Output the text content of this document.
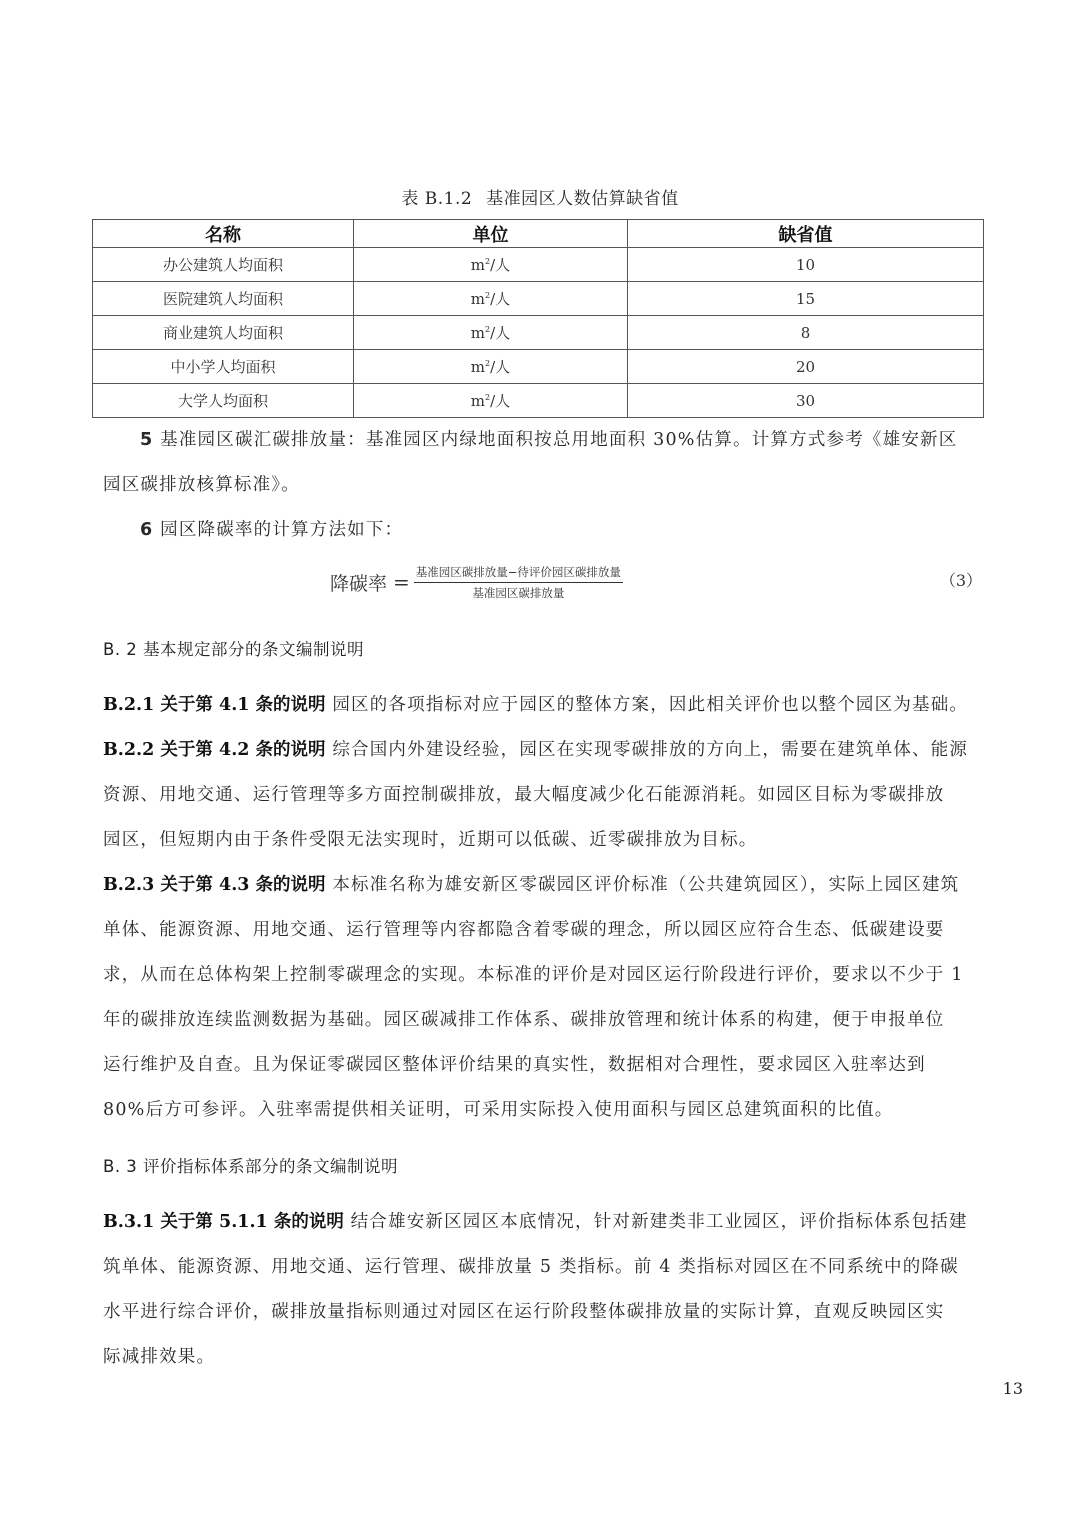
表 B.1.2 基准园区人数估算缺省值
名称	单位	缺省值
办公建筑人均面积	$m^2/$人	10
医院建筑人均面积	$m^2/$人	15
商业建筑人均面积	$m^2/$人	8
中小学人均面积	$m^2/$人	20
大学人均面积	$m^2/$人	30
5 基准园区碳汇碳排放量：基准园区内绿地面积按总用地面积 30%估算。计算方式参考《雄安新区
园区碳排放核算标准》。
6 园区降碳率的计算方法如下：
降碳率 = $\frac{\text{基准园区碳排放量−待评价园区碳排放量}}{\text{基准园区碳排放量}}$	（3）
B. 2 基本规定部分的条文编制说明
B.2.1 关于第 4.1 条的说明 园区的各项指标对应于园区的整体方案，因此相关评价也以整个园区为基础。
B.2.2 关于第 4.2 条的说明 综合国内外建设经验，园区在实现零碳排放的方向上，需要在建筑单体、能源
资源、用地交通、运行管理等多方面控制碳排放，最大幅度减少化石能源消耗。如园区目标为零碳排放
园区，但短期内由于条件受限无法实现时，近期可以低碳、近零碳排放为目标。
B.2.3 关于第 4.3 条的说明 本标准名称为雄安新区零碳园区评价标准（公共建筑园区），实际上园区建筑
单体、能源资源、用地交通、运行管理等内容都隐含着零碳的理念，所以园区应符合生态、低碳建设要
求，从而在总体构架上控制零碳理念的实现。本标准的评价是对园区运行阶段进行评价，要求以不少于 1
年的碳排放连续监测数据为基础。园区碳减排工作体系、碳排放管理和统计体系的构建，便于申报单位
运行维护及自查。且为保证零碳园区整体评价结果的真实性，数据相对合理性，要求园区入驻率达到
80%后方可参评。入驻率需提供相关证明，可采用实际投入使用面积与园区总建筑面积的比值。
B. 3 评价指标体系部分的条文编制说明
B.3.1 关于第 5.1.1 条的说明 结合雄安新区园区本底情况，针对新建类非工业园区，评价指标体系包括建
筑单体、能源资源、用地交通、运行管理、碳排放量 5 类指标。前 4 类指标对园区在不同系统中的降碳
水平进行综合评价，碳排放量指标则通过对园区在运行阶段整体碳排放量的实际计算，直观反映园区实
际减排效果。
13
